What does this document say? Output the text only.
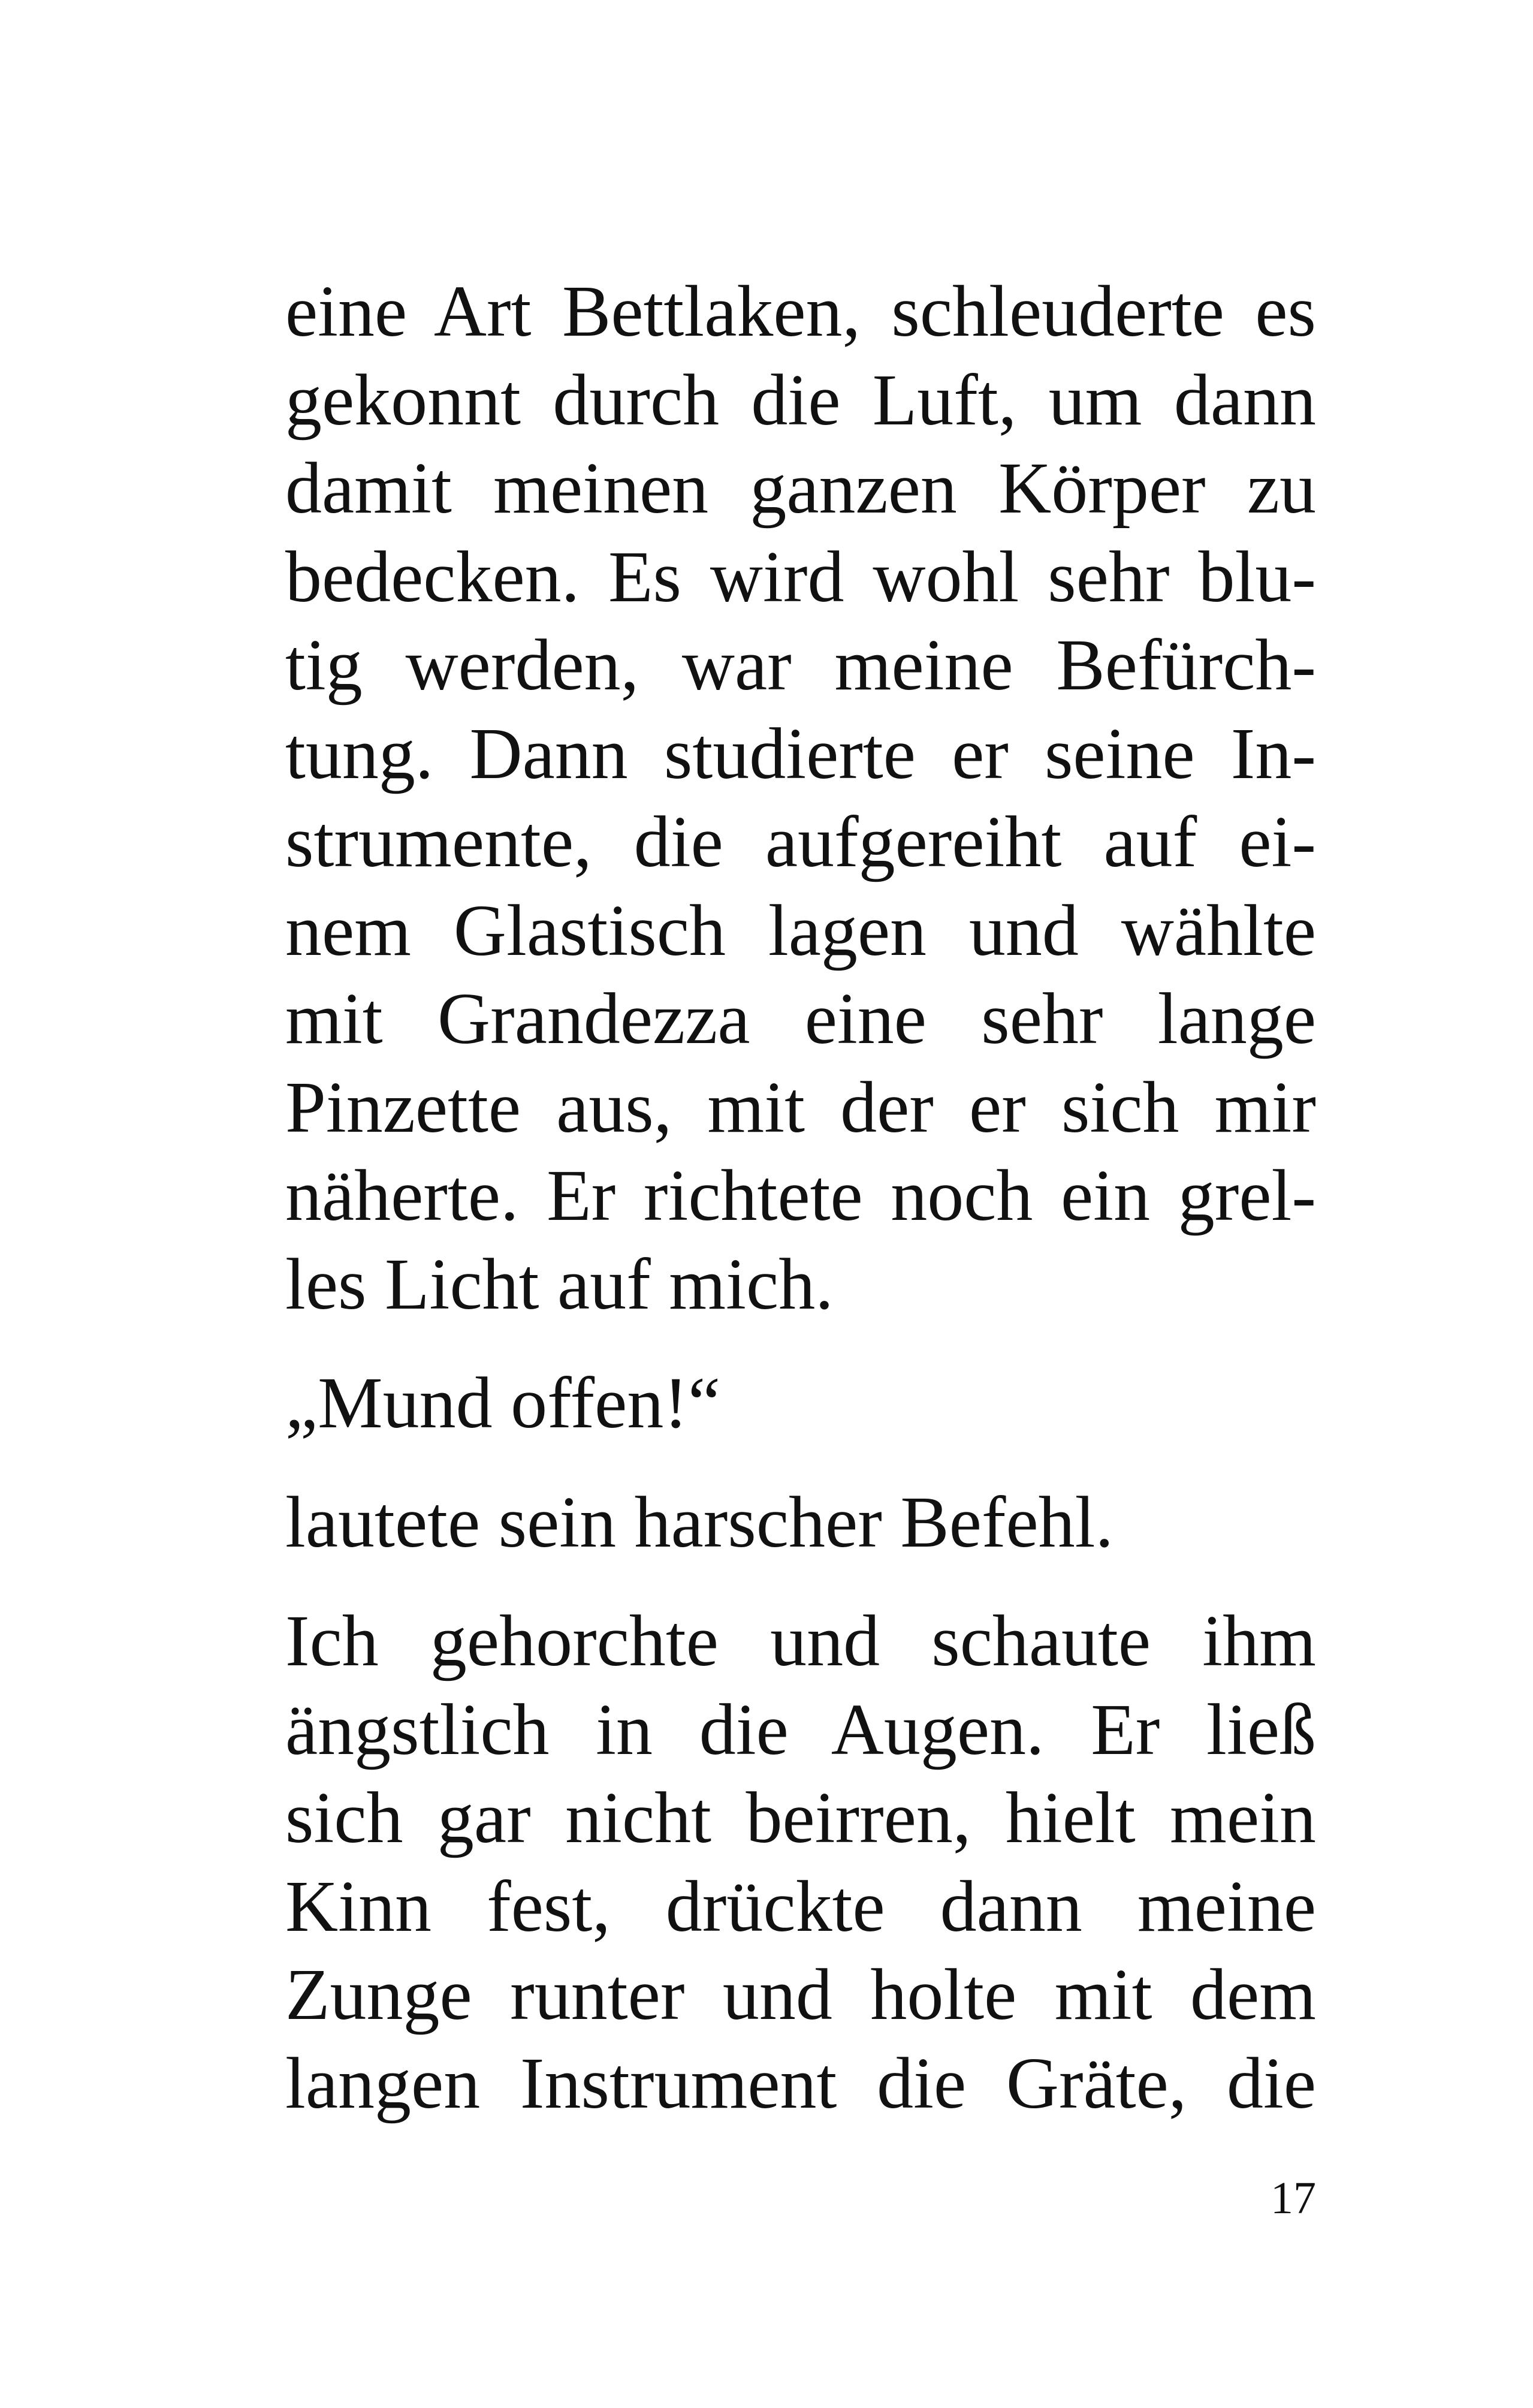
eine Art Bettlaken, schleuderte es
gekonnt durch die Luft, um dann
damit meinen ganzen Körper zu
bedecken. Es wird wohl sehr blu-
tig werden, war meine Befürch-
tung. Dann studierte er seine In-
strumente, die aufgereiht auf ei-
nem Glastisch lagen und wählte
mit Grandezza eine sehr lange
Pinzette aus, mit der er sich mir
näherte. Er richtete noch ein grel-
les Licht auf mich.
„Mund offen!“
lautete sein harscher Befehl.
Ich gehorchte und schaute ihm
ängstlich in die Augen. Er ließ
sich gar nicht beirren, hielt mein
Kinn fest, drückte dann meine
Zunge runter und holte mit dem
langen Instrument die Gräte, die
17
